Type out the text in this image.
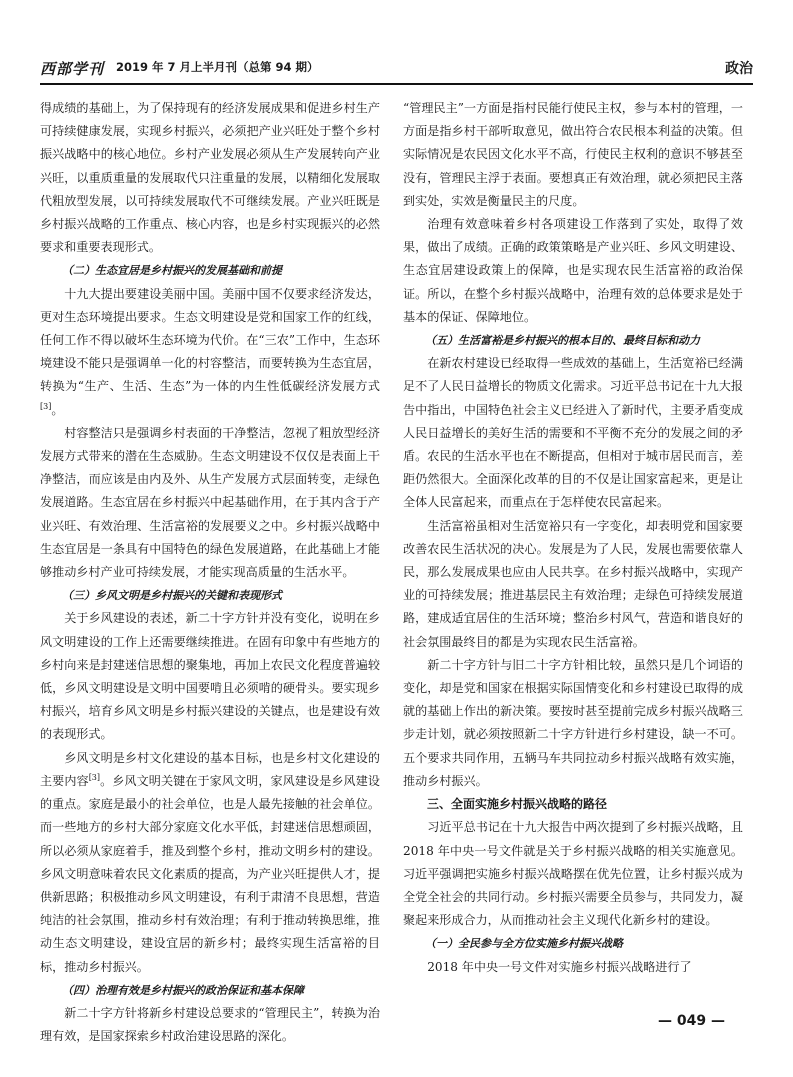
西部学刊 2019 年 7 月上半月刊（总第 94 期）	政治

得成绩的基础上，为了保持现有的经济发展成果和促进乡村生产可持续健康发展，实现乡村振兴，必须把产业兴旺处于整个乡村振兴战略中的核心地位。乡村产业发展必须从生产发展转向产业兴旺，以重质重量的发展取代只注重量的发展，以精细化发展取代粗放型发展，以可持续发展取代不可继续发展。产业兴旺既是乡村振兴战略的工作重点、核心内容，也是乡村实现振兴的必然要求和重要表现形式。

（二）生态宜居是乡村振兴的发展基础和前提

十九大提出要建设美丽中国。美丽中国不仅要求经济发达，更对生态环境提出要求。生态文明建设是党和国家工作的红线，任何工作不得以破坏生态环境为代价。在“三农”工作中，生态环境建设不能只是强调单一化的村容整洁，而要转换为生态宜居，转换为“生产、生活、生态”为一体的内生性低碳经济发展方式[3]。

村容整洁只是强调乡村表面的干净整洁，忽视了粗放型经济发展方式带来的潜在生态威胁。生态文明建设不仅仅是表面上干净整洁，而应该是由内及外、从生产发展方式层面转变，走绿色发展道路。生态宜居在乡村振兴中起基础作用，在于其内含于产业兴旺、有效治理、生活富裕的发展要义之中。乡村振兴战略中生态宜居是一条具有中国特色的绿色发展道路，在此基础上才能够推动乡村产业可持续发展，才能实现高质量的生活水平。

（三）乡风文明是乡村振兴的关键和表现形式

关于乡风建设的表述，新二十字方针并没有变化，说明在乡风文明建设的工作上还需要继续推进。在固有印象中有些地方的乡村向来是封建迷信思想的聚集地，再加上农民文化程度普遍较低，乡风文明建设是文明中国要啃且必须啃的硬骨头。要实现乡村振兴，培育乡风文明是乡村振兴建设的关键点，也是建设有效的表现形式。

乡风文明是乡村文化建设的基本目标，也是乡村文化建设的主要内容[3]。乡风文明关键在于家风文明，家风建设是乡风建设的重点。家庭是最小的社会单位，也是人最先接触的社会单位。而一些地方的乡村大部分家庭文化水平低，封建迷信思想顽固，所以必须从家庭着手，推及到整个乡村，推动文明乡村的建设。乡风文明意味着农民文化素质的提高，为产业兴旺提供人才，提供新思路；积极推动乡风文明建设，有利于肃清不良思想，营造纯洁的社会氛围，推动乡村有效治理；有利于推动转换思维，推动生态文明建设，建设宜居的新乡村；最终实现生活富裕的目标，推动乡村振兴。

（四）治理有效是乡村振兴的政治保证和基本保障

新二十字方针将新乡村建设总要求的“管理民主”，转换为治理有效，是国家探索乡村政治建设思路的深化。

“管理民主”一方面是指村民能行使民主权，参与本村的管理，一方面是指乡村干部听取意见，做出符合农民根本利益的决策。但实际情况是农民因文化水平不高，行使民主权利的意识不够甚至没有，管理民主浮于表面。要想真正有效治理，就必须把民主落到实处，实效是衡量民主的尺度。

治理有效意味着乡村各项建设工作落到了实处，取得了效果，做出了成绩。正确的政策策略是产业兴旺、乡风文明建设、生态宜居建设政策上的保障，也是实现农民生活富裕的政治保证。所以，在整个乡村振兴战略中，治理有效的总体要求是处于基本的保证、保障地位。

（五）生活富裕是乡村振兴的根本目的、最终目标和动力

在新农村建设已经取得一些成效的基础上，生活宽裕已经满足不了人民日益增长的物质文化需求。习近平总书记在十九大报告中指出，中国特色社会主义已经进入了新时代，主要矛盾变成人民日益增长的美好生活的需要和不平衡不充分的发展之间的矛盾。农民的生活水平也在不断提高，但相对于城市居民而言，差距仍然很大。全面深化改革的目的不仅是让国家富起来，更是让全体人民富起来，而重点在于怎样使农民富起来。

生活富裕虽相对生活宽裕只有一字变化，却表明党和国家要改善农民生活状况的决心。发展是为了人民，发展也需要依靠人民，那么发展成果也应由人民共享。在乡村振兴战略中，实现产业的可持续发展；推进基层民主有效治理；走绿色可持续发展道路，建成适宜居住的生活环境；整治乡村风气，营造和谐良好的社会氛围最终目的都是为实现农民生活富裕。

新二十字方针与旧二十字方针相比较，虽然只是几个词语的变化，却是党和国家在根据实际国情变化和乡村建设已取得的成就的基础上作出的新决策。要按时甚至提前完成乡村振兴战略三步走计划，就必须按照新二十字方针进行乡村建设，缺一不可。五个要求共同作用，五辆马车共同拉动乡村振兴战略有效实施，推动乡村振兴。

三、全面实施乡村振兴战略的路径

习近平总书记在十九大报告中两次提到了乡村振兴战略，且 2018 年中央一号文件就是关于乡村振兴战略的相关实施意见。习近平强调把实施乡村振兴战略摆在优先位置，让乡村振兴成为全党全社会的共同行动。乡村振兴需要全员参与，共同发力，凝聚起来形成合力，从而推动社会主义现代化新乡村的建设。

（一）全民参与全方位实施乡村振兴战略

2018 年中央一号文件对实施乡村振兴战略进行了

— 049 —
